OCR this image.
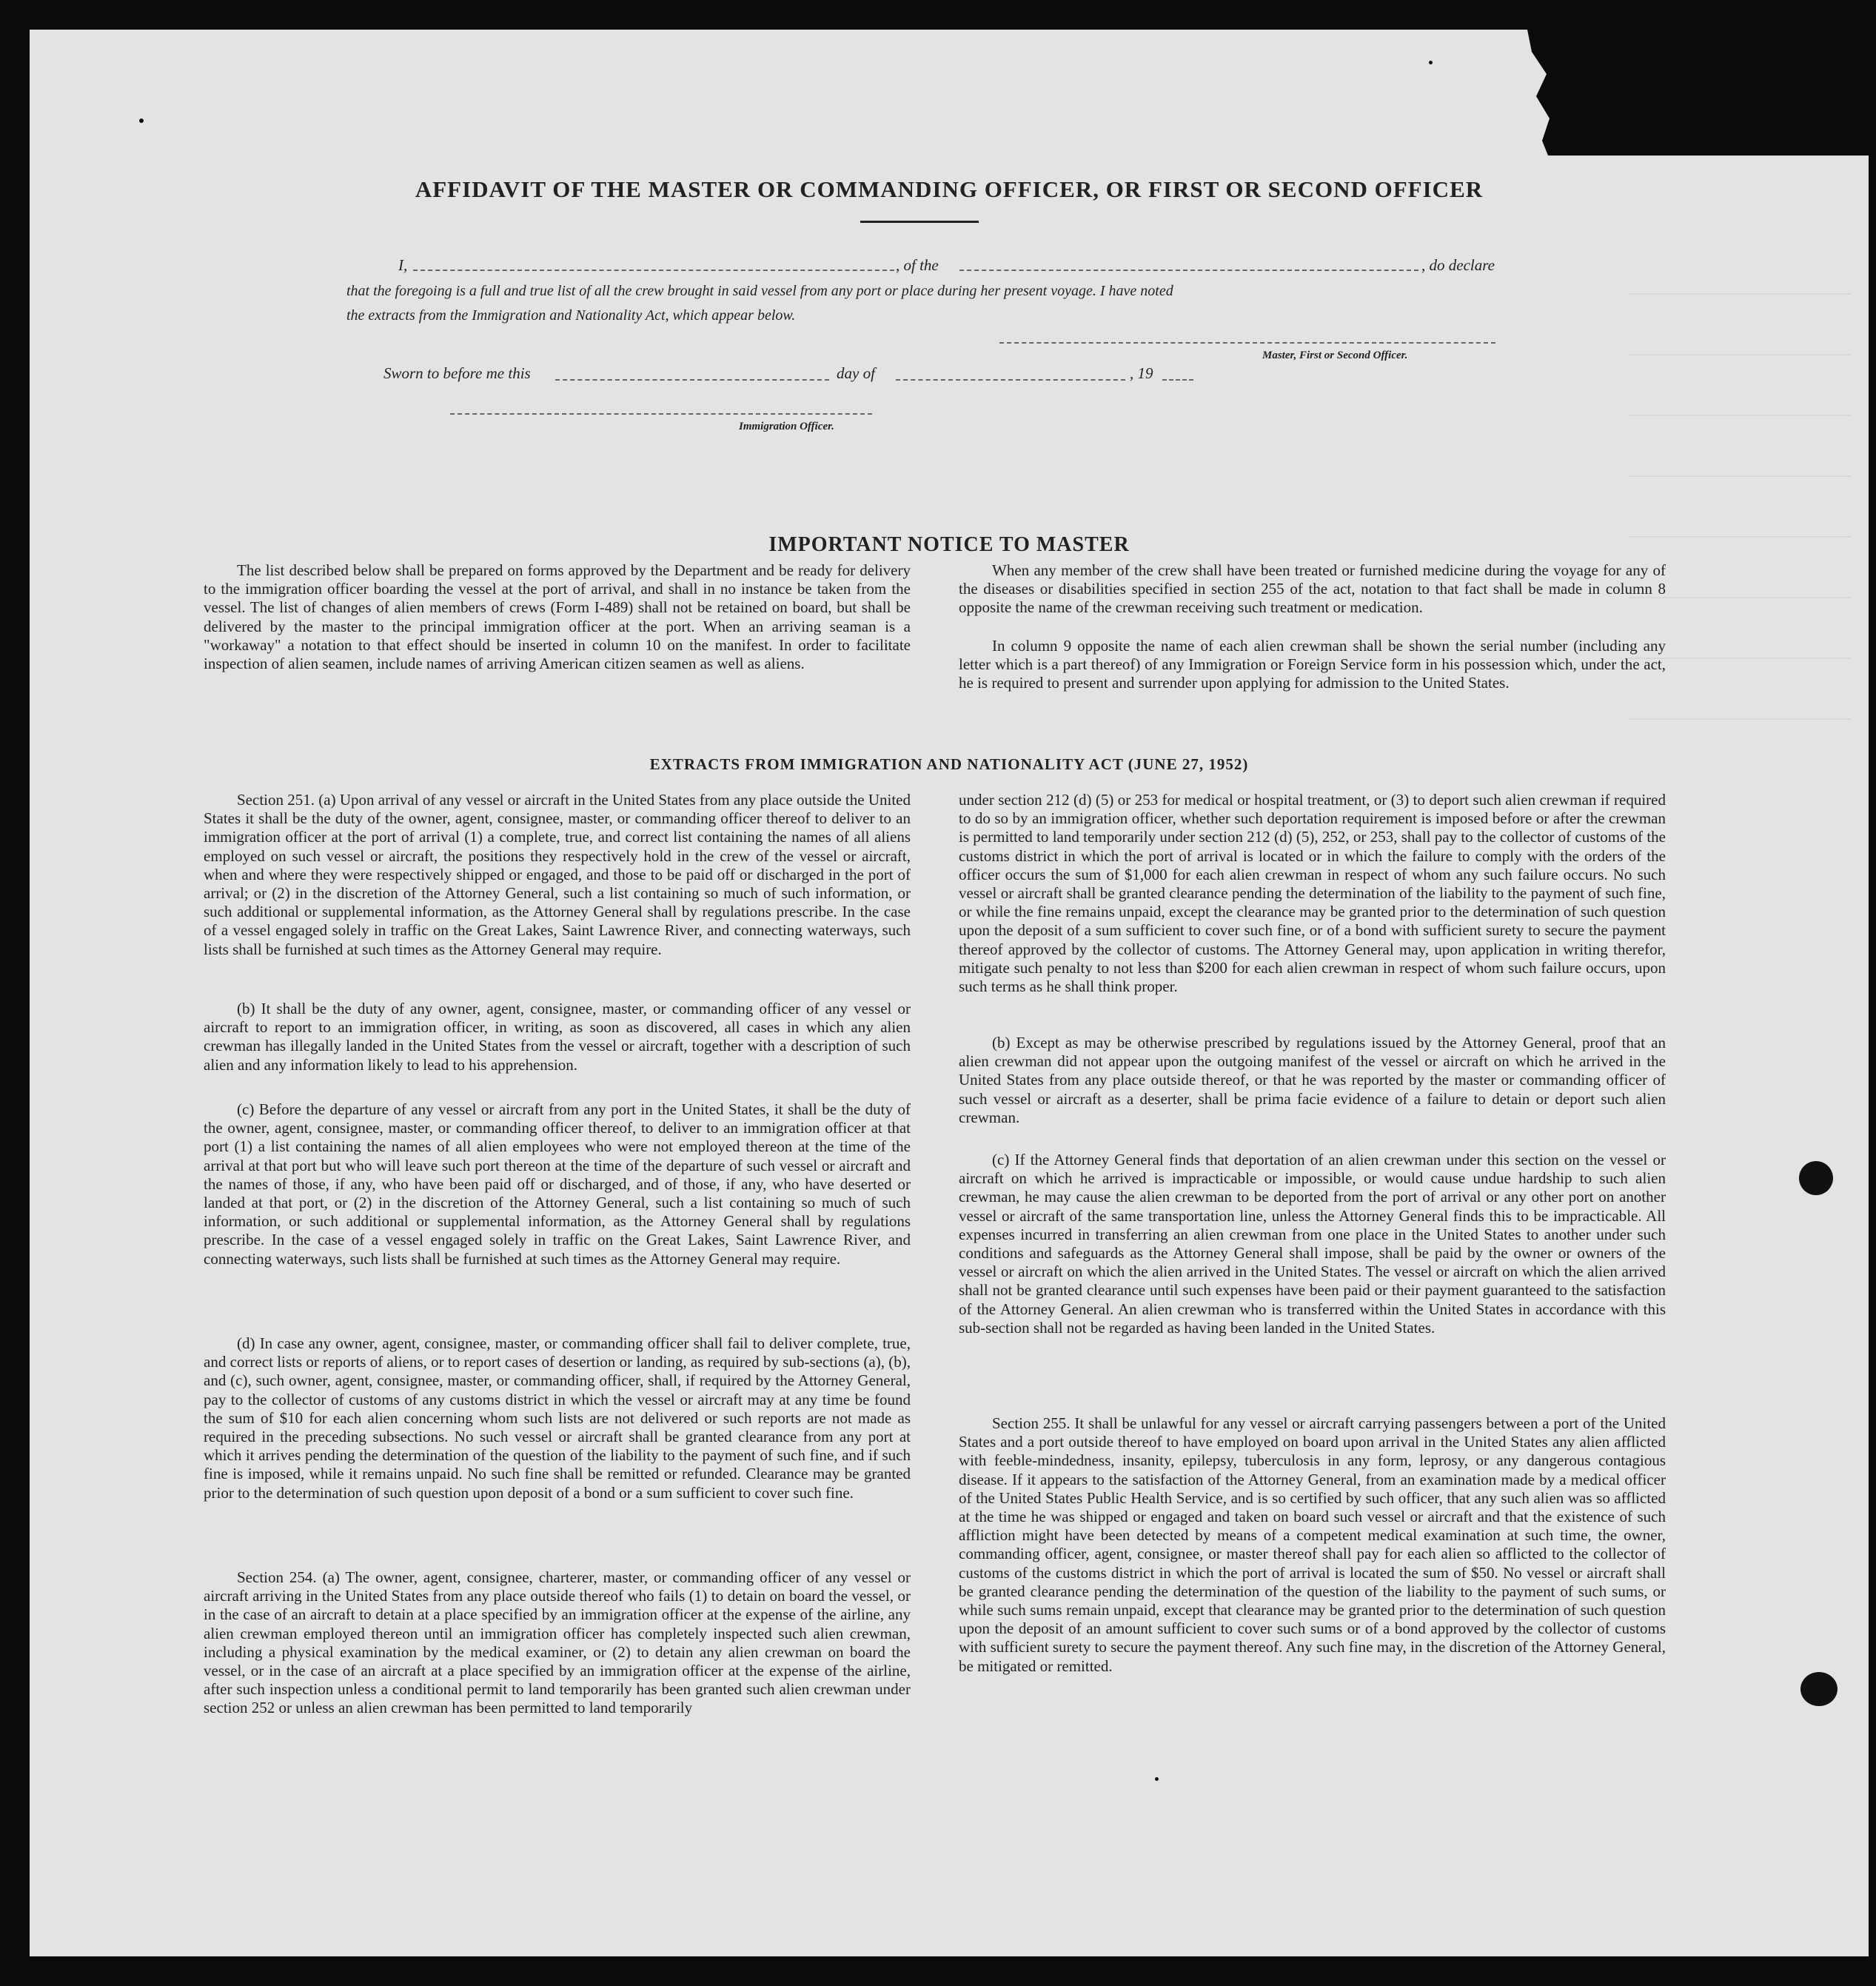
AFFIDAVIT OF THE MASTER OR COMMANDING OFFICER, OR FIRST OR SECOND OFFICER
I,	, of the	, do declare
that the foregoing is a full and true list of all the crew brought in said vessel from any port or place during her present voyage. I have noted
the extracts from the Immigration and Nationality Act, which appear below.
Master, First or Second Officer.
Sworn to before me this	day of	, 19
Immigration Officer.
IMPORTANT NOTICE TO MASTER

The list described below shall be prepared on forms approved by the Department and be ready for delivery to the immigration officer boarding the vessel at the port of arrival, and shall in no instance be taken from the vessel. The list of changes of alien members of crews (Form I-489) shall not be retained on board, but shall be delivered by the master to the principal immigration officer at the port. When an arriving seaman is a "workaway" a notation to that effect should be inserted in column 10 on the manifest. In order to facilitate inspection of alien seamen, include names of arriving American citizen seamen as well as aliens.

When any member of the crew shall have been treated or furnished medicine during the voyage for any of the diseases or disabilities specified in section 255 of the act, notation to that fact shall be made in column 8 opposite the name of the crewman receiving such treatment or medication.

In column 9 opposite the name of each alien crewman shall be shown the serial number (including any letter which is a part thereof) of any Immigration or Foreign Service form in his possession which, under the act, he is required to present and surrender upon applying for admission to the United States.

EXTRACTS FROM IMMIGRATION AND NATIONALITY ACT (JUNE 27, 1952)

Section 251. (a) Upon arrival of any vessel or aircraft in the United States from any place outside the United States it shall be the duty of the owner, agent, consignee, master, or commanding officer thereof to deliver to an immigration officer at the port of arrival (1) a complete, true, and correct list containing the names of all aliens employed on such vessel or aircraft, the positions they respectively hold in the crew of the vessel or aircraft, when and where they were respectively shipped or engaged, and those to be paid off or discharged in the port of arrival; or (2) in the discretion of the Attorney General, such a list containing so much of such information, or such additional or supplemental information, as the Attorney General shall by regulations prescribe. In the case of a vessel engaged solely in traffic on the Great Lakes, Saint Lawrence River, and connecting waterways, such lists shall be furnished at such times as the Attorney General may require.

(b) It shall be the duty of any owner, agent, consignee, master, or commanding officer of any vessel or aircraft to report to an immigration officer, in writing, as soon as discovered, all cases in which any alien crewman has illegally landed in the United States from the vessel or aircraft, together with a description of such alien and any information likely to lead to his apprehension.

(c) Before the departure of any vessel or aircraft from any port in the United States, it shall be the duty of the owner, agent, consignee, master, or commanding officer thereof, to deliver to an immigration officer at that port (1) a list containing the names of all alien employees who were not employed thereon at the time of the arrival at that port but who will leave such port thereon at the time of the departure of such vessel or aircraft and the names of those, if any, who have been paid off or discharged, and of those, if any, who have deserted or landed at that port, or (2) in the discretion of the Attorney General, such a list containing so much of such information, or such additional or supplemental information, as the Attorney General shall by regulations prescribe. In the case of a vessel engaged solely in traffic on the Great Lakes, Saint Lawrence River, and connecting waterways, such lists shall be furnished at such times as the Attorney General may require.

(d) In case any owner, agent, consignee, master, or commanding officer shall fail to deliver complete, true, and correct lists or reports of aliens, or to report cases of desertion or landing, as required by sub-sections (a), (b), and (c), such owner, agent, consignee, master, or commanding officer, shall, if required by the Attorney General, pay to the collector of customs of any customs district in which the vessel or aircraft may at any time be found the sum of $10 for each alien concerning whom such lists are not delivered or such reports are not made as required in the preceding subsections. No such vessel or aircraft shall be granted clearance from any port at which it arrives pending the determination of the question of the liability to the payment of such fine, and if such fine is imposed, while it remains unpaid. No such fine shall be remitted or refunded. Clearance may be granted prior to the determination of such question upon deposit of a bond or a sum sufficient to cover such fine.

Section 254. (a) The owner, agent, consignee, charterer, master, or commanding officer of any vessel or aircraft arriving in the United States from any place outside thereof who fails (1) to detain on board the vessel, or in the case of an aircraft to detain at a place specified by an immigration officer at the expense of the airline, any alien crewman employed thereon until an immigration officer has completely inspected such alien crewman, including a physical examination by the medical examiner, or (2) to detain any alien crewman on board the vessel, or in the case of an aircraft at a place specified by an immigration officer at the expense of the airline, after such inspection unless a conditional permit to land temporarily has been granted such alien crewman under section 252 or unless an alien crewman has been permitted to land temporarily

under section 212 (d) (5) or 253 for medical or hospital treatment, or (3) to deport such alien crewman if required to do so by an immigration officer, whether such deportation requirement is imposed before or after the crewman is permitted to land temporarily under section 212 (d) (5), 252, or 253, shall pay to the collector of customs of the customs district in which the port of arrival is located or in which the failure to comply with the orders of the officer occurs the sum of $1,000 for each alien crewman in respect of whom any such failure occurs. No such vessel or aircraft shall be granted clearance pending the determination of the liability to the payment of such fine, or while the fine remains unpaid, except the clearance may be granted prior to the determination of such question upon the deposit of a sum sufficient to cover such fine, or of a bond with sufficient surety to secure the payment thereof approved by the collector of customs. The Attorney General may, upon application in writing therefor, mitigate such penalty to not less than $200 for each alien crewman in respect of whom such failure occurs, upon such terms as he shall think proper.

(b) Except as may be otherwise prescribed by regulations issued by the Attorney General, proof that an alien crewman did not appear upon the outgoing manifest of the vessel or aircraft on which he arrived in the United States from any place outside thereof, or that he was reported by the master or commanding officer of such vessel or aircraft as a deserter, shall be prima facie evidence of a failure to detain or deport such alien crewman.

(c) If the Attorney General finds that deportation of an alien crewman under this section on the vessel or aircraft on which he arrived is impracticable or impossible, or would cause undue hardship to such alien crewman, he may cause the alien crewman to be deported from the port of arrival or any other port on another vessel or aircraft of the same transportation line, unless the Attorney General finds this to be impracticable. All expenses incurred in transferring an alien crewman from one place in the United States to another under such conditions and safeguards as the Attorney General shall impose, shall be paid by the owner or owners of the vessel or aircraft on which the alien arrived in the United States. The vessel or aircraft on which the alien arrived shall not be granted clearance until such expenses have been paid or their payment guaranteed to the satisfaction of the Attorney General. An alien crewman who is transferred within the United States in accordance with this sub-section shall not be regarded as having been landed in the United States.

Section 255. It shall be unlawful for any vessel or aircraft carrying passengers between a port of the United States and a port outside thereof to have employed on board upon arrival in the United States any alien afflicted with feeble-mindedness, insanity, epilepsy, tuberculosis in any form, leprosy, or any dangerous contagious disease. If it appears to the satisfaction of the Attorney General, from an examination made by a medical officer of the United States Public Health Service, and is so certified by such officer, that any such alien was so afflicted at the time he was shipped or engaged and taken on board such vessel or aircraft and that the existence of such affliction might have been detected by means of a competent medical examination at such time, the owner, commanding officer, agent, consignee, or master thereof shall pay for each alien so afflicted to the collector of customs of the customs district in which the port of arrival is located the sum of $50. No vessel or aircraft shall be granted clearance pending the determination of the question of the liability to the payment of such sums, or while such sums remain unpaid, except that clearance may be granted prior to the determination of such question upon the deposit of an amount sufficient to cover such sums or of a bond approved by the collector of customs with sufficient surety to secure the payment thereof. Any such fine may, in the discretion of the Attorney General, be mitigated or remitted.
